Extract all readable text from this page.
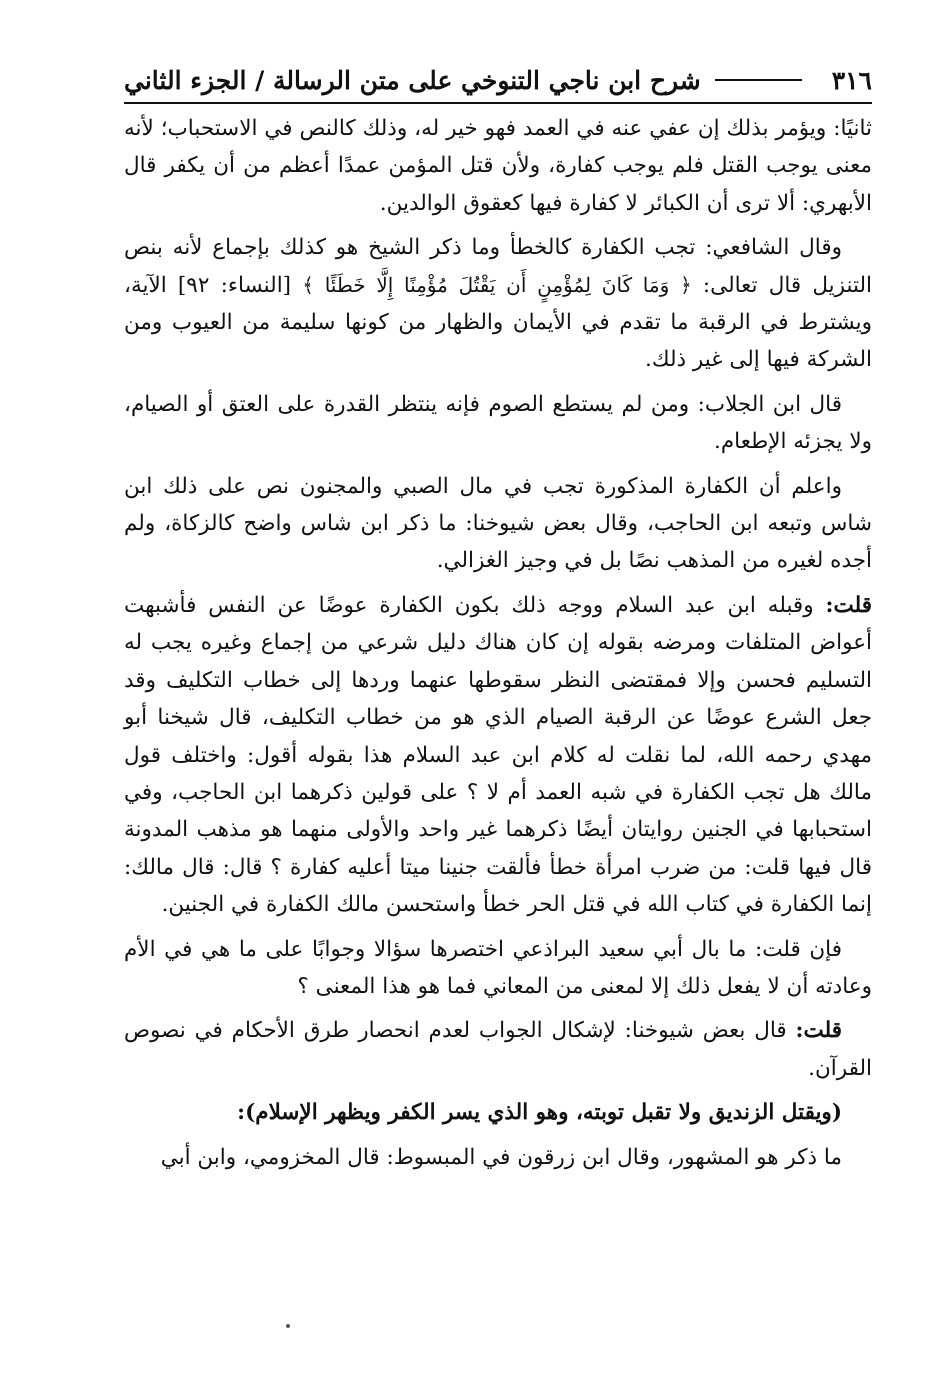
٣١٦
شرح ابن ناجي التنوخي على متن الرسالة / الجزء الثاني

ثانيًا: ويؤمر بذلك إن عفي عنه في العمد فهو خير له، وذلك كالنص في الاستحباب؛ لأنه معنى يوجب القتل فلم يوجب كفارة، ولأن قتل المؤمن عمدًا أعظم من أن يكفر قال الأبهري: ألا ترى أن الكبائر لا كفارة فيها كعقوق الوالدين.

وقال الشافعي: تجب الكفارة كالخطأ وما ذكر الشيخ هو كذلك بإجماع لأنه بنص التنزيل قال تعالى: ﴿ وَمَا كَانَ لِمُؤْمِنٍ أَن يَقْتُلَ مُؤْمِنًا إِلَّا خَطَئًا ﴾ [النساء: ٩٢] الآية، ويشترط في الرقبة ما تقدم في الأيمان والظهار من كونها سليمة من العيوب ومن الشركة فيها إلى غير ذلك.

قال ابن الجلاب: ومن لم يستطع الصوم فإنه ينتظر القدرة على العتق أو الصيام، ولا يجزئه الإطعام.

واعلم أن الكفارة المذكورة تجب في مال الصبي والمجنون نص على ذلك ابن شاس وتبعه ابن الحاجب، وقال بعض شيوخنا: ما ذكر ابن شاس واضح كالزكاة، ولم أجده لغيره من المذهب نصًا بل في وجيز الغزالي.

قلت: وقبله ابن عبد السلام ووجه ذلك بكون الكفارة عوضًا عن النفس فأشبهت أعواض المتلفات ومرضه بقوله إن كان هناك دليل شرعي من إجماع وغيره يجب له التسليم فحسن وإلا فمقتضى النظر سقوطها عنهما وردها إلى خطاب التكليف وقد جعل الشرع عوضًا عن الرقبة الصيام الذي هو من خطاب التكليف، قال شيخنا أبو مهدي رحمه الله، لما نقلت له كلام ابن عبد السلام هذا بقوله أقول: واختلف قول مالك هل تجب الكفارة في شبه العمد أم لا ؟ على قولين ذكرهما ابن الحاجب، وفي استحبابها في الجنين روايتان أيضًا ذكرهما غير واحد والأولى منهما هو مذهب المدونة قال فيها قلت: من ضرب امرأة خطأ فألقت جنينا ميتا أعليه كفارة ؟ قال: قال مالك: إنما الكفارة في كتاب الله في قتل الحر خطأ واستحسن مالك الكفارة في الجنين.

فإن قلت: ما بال أبي سعيد البراذعي اختصرها سؤالا وجوابًا على ما هي في الأم وعادته أن لا يفعل ذلك إلا لمعنى من المعاني فما هو هذا المعنى ؟

قلت: قال بعض شيوخنا: لإشكال الجواب لعدم انحصار طرق الأحكام في نصوص القرآن.

(ويقتل الزنديق ولا تقبل توبته، وهو الذي يسر الكفر ويظهر الإسلام):

ما ذكر هو المشهور، وقال ابن زرقون في المبسوط: قال المخزومي، وابن أبي
